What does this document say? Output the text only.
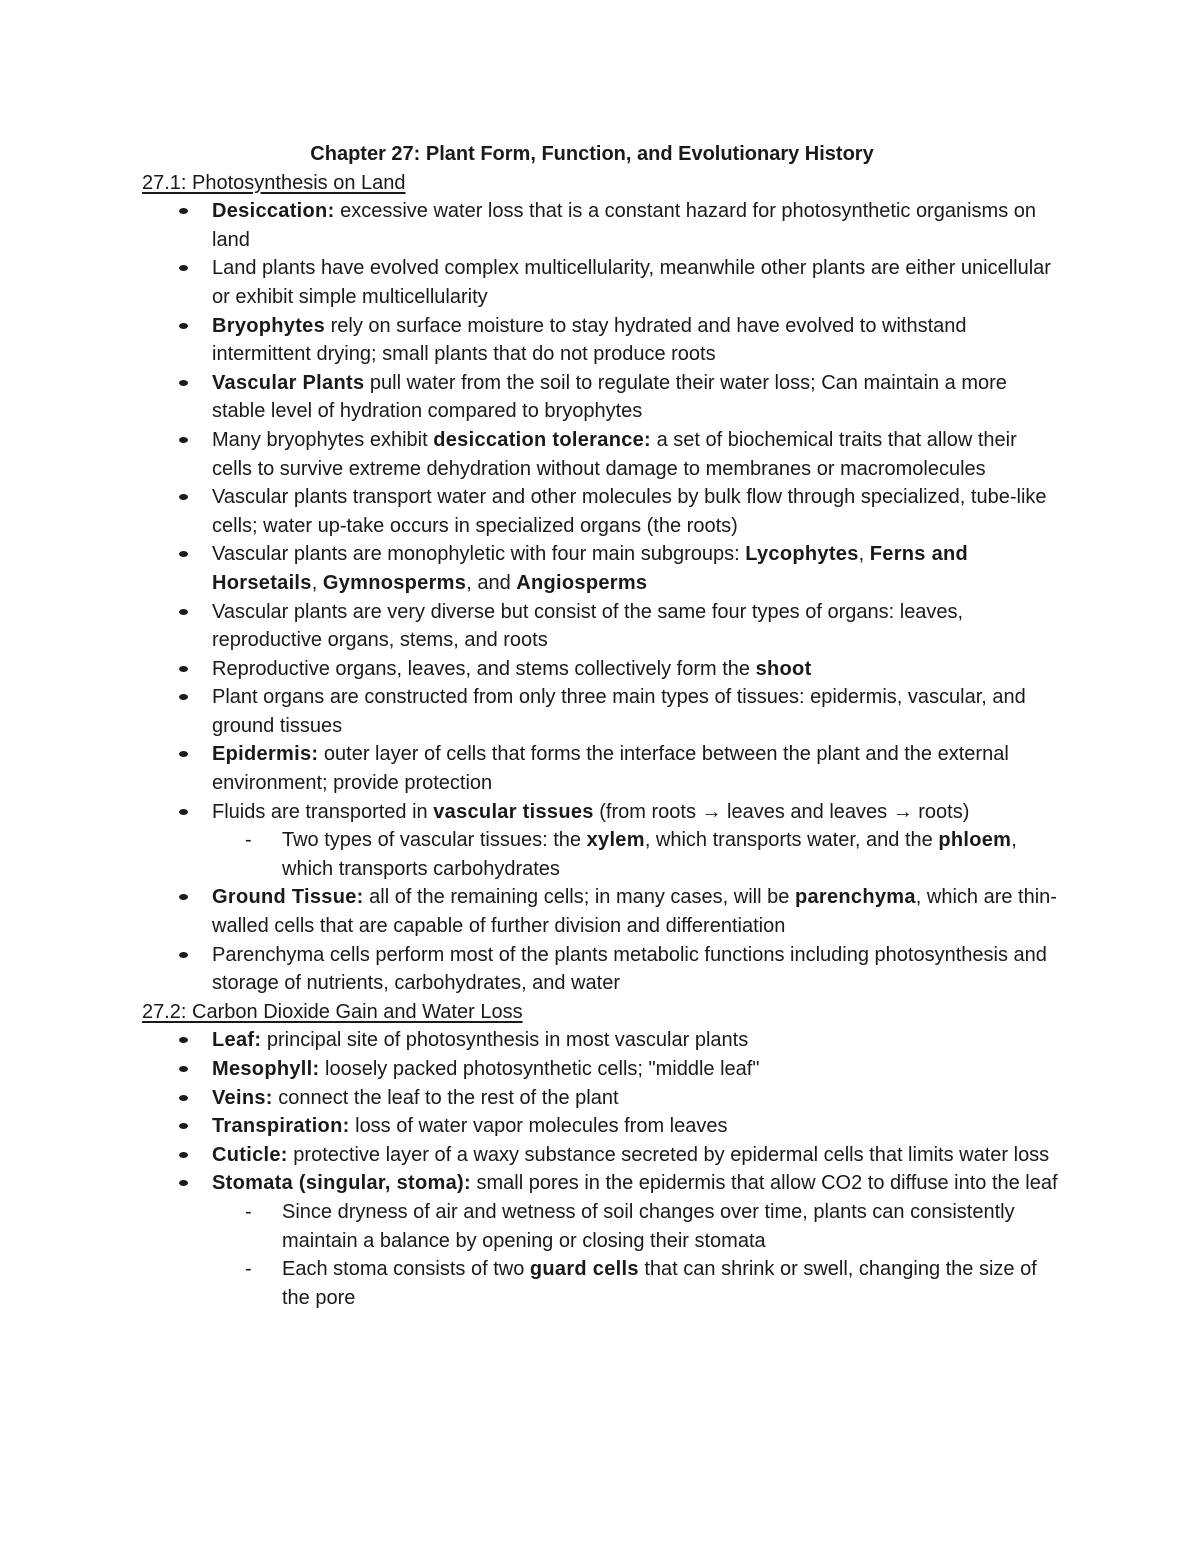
Chapter 27: Plant Form, Function, and Evolutionary History
27.1: Photosynthesis on Land
Desiccation: excessive water loss that is a constant hazard for photosynthetic organisms on land
Land plants have evolved complex multicellularity, meanwhile other plants are either unicellular or exhibit simple multicellularity
Bryophytes rely on surface moisture to stay hydrated and have evolved to withstand intermittent drying; small plants that do not produce roots
Vascular Plants pull water from the soil to regulate their water loss; Can maintain a more stable level of hydration compared to bryophytes
Many bryophytes exhibit desiccation tolerance: a set of biochemical traits that allow their cells to survive extreme dehydration without damage to membranes or macromolecules
Vascular plants transport water and other molecules by bulk flow through specialized, tube-like cells; water up-take occurs in specialized organs (the roots)
Vascular plants are monophyletic with four main subgroups: Lycophytes, Ferns and Horsetails, Gymnosperms, and Angiosperms
Vascular plants are very diverse but consist of the same four types of organs: leaves, reproductive organs, stems, and roots
Reproductive organs, leaves, and stems collectively form the shoot
Plant organs are constructed from only three main types of tissues: epidermis, vascular, and ground tissues
Epidermis: outer layer of cells that forms the interface between the plant and the external environment; provide protection
Fluids are transported in vascular tissues (from roots → leaves and leaves → roots)
-	Two types of vascular tissues: the xylem, which transports water, and the phloem, which transports carbohydrates
Ground Tissue: all of the remaining cells; in many cases, will be parenchyma, which are thin-walled cells that are capable of further division and differentiation
Parenchyma cells perform most of the plants metabolic functions including photosynthesis and storage of nutrients, carbohydrates, and water
27.2: Carbon Dioxide Gain and Water Loss
Leaf: principal site of photosynthesis in most vascular plants
Mesophyll: loosely packed photosynthetic cells; "middle leaf"
Veins: connect the leaf to the rest of the plant
Transpiration: loss of water vapor molecules from leaves
Cuticle: protective layer of a waxy substance secreted by epidermal cells that limits water loss
Stomata (singular, stoma): small pores in the epidermis that allow CO2 to diffuse into the leaf
-	Since dryness of air and wetness of soil changes over time, plants can consistently maintain a balance by opening or closing their stomata
-	Each stoma consists of two guard cells that can shrink or swell, changing the size of the pore
